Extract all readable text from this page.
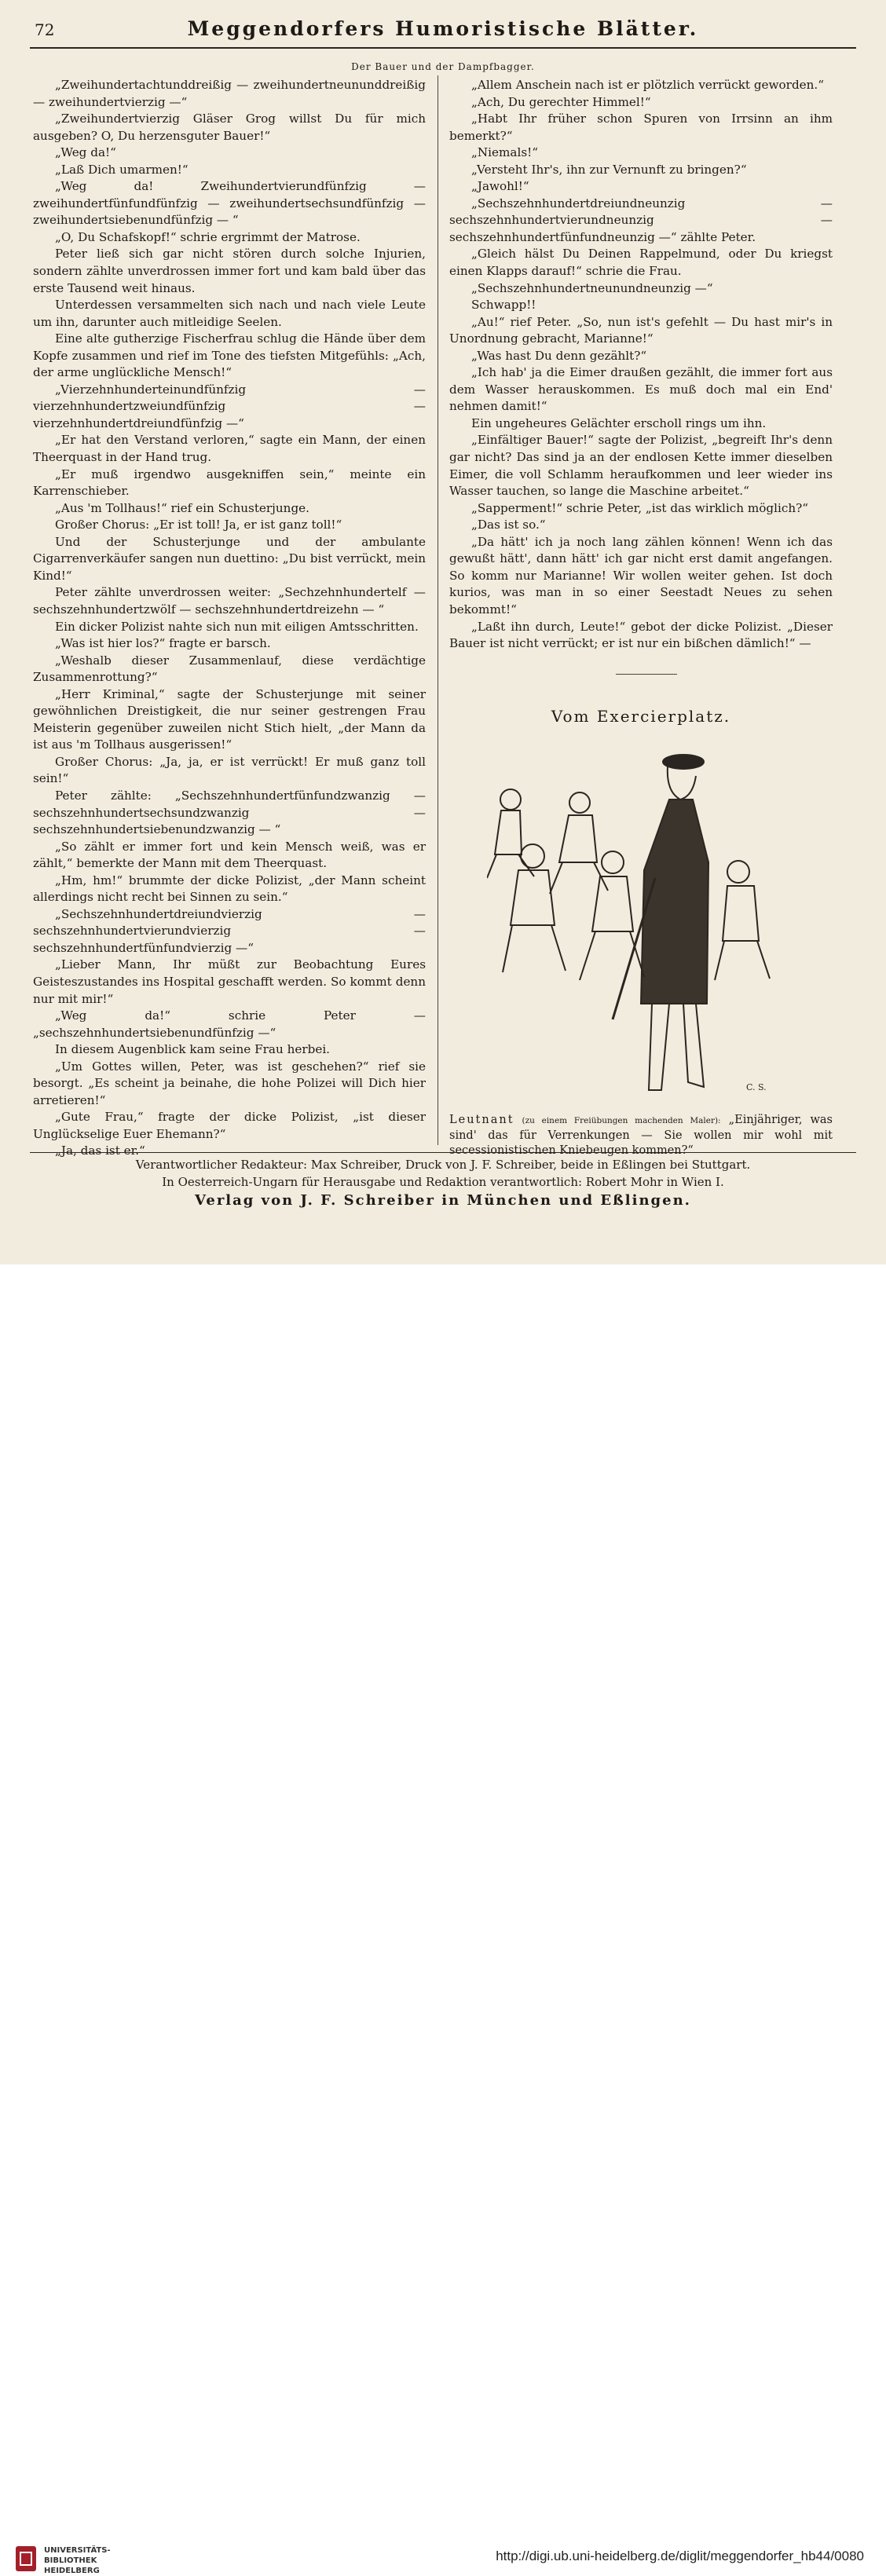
72	Meggendorfers Humoristische Blätter.
Der Bauer und der Dampfbagger.

„Zweihundertachtunddreißig — zweihundertneununddreißig — zweihundertvierzig —“

„Zweihundertvierzig Gläser Grog willst Du für mich ausgeben? O, Du herzensguter Bauer!“

„Weg da!“

„Laß Dich umarmen!“

„Weg da! Zweihundertvierundfünfzig — zweihundertfünfundfünfzig — zweihundertsechsundfünfzig — zweihundertsiebenundfünfzig — “

„O, Du Schafskopf!“ schrie ergrimmt der Matrose.

Peter ließ sich gar nicht stören durch solche Injurien, sondern zählte unverdrossen immer fort und kam bald über das erste Tausend weit hinaus.

Unterdessen versammelten sich nach und nach viele Leute um ihn, darunter auch mitleidige Seelen.

Eine alte gutherzige Fischerfrau schlug die Hände über dem Kopfe zusammen und rief im Tone des tiefsten Mitgefühls: „Ach, der arme unglückliche Mensch!“

„Vierzehnhunderteinundfünfzig — vierzehnhundertzweiundfünfzig — vierzehnhundertdreiundfünfzig —“

„Er hat den Verstand verloren,“ sagte ein Mann, der einen Theerquast in der Hand trug.

„Er muß irgendwo ausgekniffen sein,“ meinte ein Karrenschieber.

„Aus 'm Tollhaus!“ rief ein Schusterjunge.

Großer Chorus: „Er ist toll! Ja, er ist ganz toll!“

Und der Schusterjunge und der ambulante Cigarrenverkäufer sangen nun duettino: „Du bist verrückt, mein Kind!“

Peter zählte unverdrossen weiter: „Sechzehnhundertelf — sechszehnhundertzwölf — sechszehnhundertdreizehn — “

Ein dicker Polizist nahte sich nun mit eiligen Amtsschritten.

„Was ist hier los?“ fragte er barsch.

„Weshalb dieser Zusammenlauf, diese verdächtige Zusammenrottung?“

„Herr Kriminal,“ sagte der Schusterjunge mit seiner gewöhnlichen Dreistigkeit, die nur seiner gestrengen Frau Meisterin gegenüber zuweilen nicht Stich hielt, „der Mann da ist aus 'm Tollhaus ausgerissen!“

Großer Chorus: „Ja, ja, er ist verrückt! Er muß ganz toll sein!“

Peter zählte: „Sechszehnhundertfünfundzwanzig — sechszehnhundertsechsundzwanzig — sechszehnhundertsiebenundzwanzig — “

„So zählt er immer fort und kein Mensch weiß, was er zählt,“ bemerkte der Mann mit dem Theerquast.

„Hm, hm!“ brummte der dicke Polizist, „der Mann scheint allerdings nicht recht bei Sinnen zu sein.“

„Sechszehnhundertdreiundvierzig — sechszehnhundertvierundvierzig — sechszehnhundertfünfundvierzig —“

„Lieber Mann, Ihr müßt zur Beobachtung Eures Geisteszustandes ins Hospital geschafft werden. So kommt denn nur mit mir!“

„Weg da!“ schrie Peter — „sechszehnhundertsiebenundfünfzig —“

In diesem Augenblick kam seine Frau herbei.

„Um Gottes willen, Peter, was ist geschehen?“ rief sie besorgt. „Es scheint ja beinahe, die hohe Polizei will Dich hier arretieren!“

„Gute Frau,“ fragte der dicke Polizist, „ist dieser Unglückselige Euer Ehemann?“

„Ja, das ist er.“

„Allem Anschein nach ist er plötzlich verrückt geworden.“

„Ach, Du gerechter Himmel!“

„Habt Ihr früher schon Spuren von Irrsinn an ihm bemerkt?“

„Niemals!“

„Versteht Ihr's, ihn zur Vernunft zu bringen?“

„Jawohl!“

„Sechszehnhundertdreiundneunzig — sechszehnhundertvierundneunzig — sechszehnhundertfünfundneunzig —“ zählte Peter.

„Gleich hälst Du Deinen Rappelmund, oder Du kriegst einen Klapps darauf!“ schrie die Frau.

„Sechszehnhundertneunundneunzig —“

Schwapp!!

„Au!“ rief Peter. „So, nun ist's gefehlt — Du hast mir's in Unordnung gebracht, Marianne!“

„Was hast Du denn gezählt?“

„Ich hab' ja die Eimer draußen gezählt, die immer fort aus dem Wasser herauskommen. Es muß doch mal ein End' nehmen damit!“

Ein ungeheures Gelächter erscholl rings um ihn.

„Einfältiger Bauer!“ sagte der Polizist, „begreift Ihr's denn gar nicht? Das sind ja an der endlosen Kette immer dieselben Eimer, die voll Schlamm heraufkommen und leer wieder ins Wasser tauchen, so lange die Maschine arbeitet.“

„Sapperment!“ schrie Peter, „ist das wirklich möglich?“

„Das ist so.“

„Da hätt' ich ja noch lang zählen können! Wenn ich das gewußt hätt', dann hätt' ich gar nicht erst damit angefangen. So komm nur Marianne! Wir wollen weiter gehen. Ist doch kurios, was man in so einer Seestadt Neues zu sehen bekommt!“

„Laßt ihn durch, Leute!“ gebot der dicke Polizist. „Dieser Bauer ist nicht verrückt; er ist nur ein bißchen dämlich!“ —

Vom Exercierplatz.
C. S.
Leutnant (zu einem Freiübungen machenden Maler): „Einjähriger, was sind' das für Verrenkungen — Sie wollen mir wohl mit secessionistischen Kniebeugen kommen?“
Verantwortlicher Redakteur: Max Schreiber, Druck von J. F. Schreiber, beide in Eßlingen bei Stuttgart.
In Oesterreich-Ungarn für Herausgabe und Redaktion verantwortlich: Robert Mohr in Wien I.
Verlag von J. F. Schreiber in München und Eßlingen.
UNIVERSITÄTS-
BIBLIOTHEK
HEIDELBERG
http://digi.ub.uni-heidelberg.de/diglit/meggendorfer_hb44/0080
